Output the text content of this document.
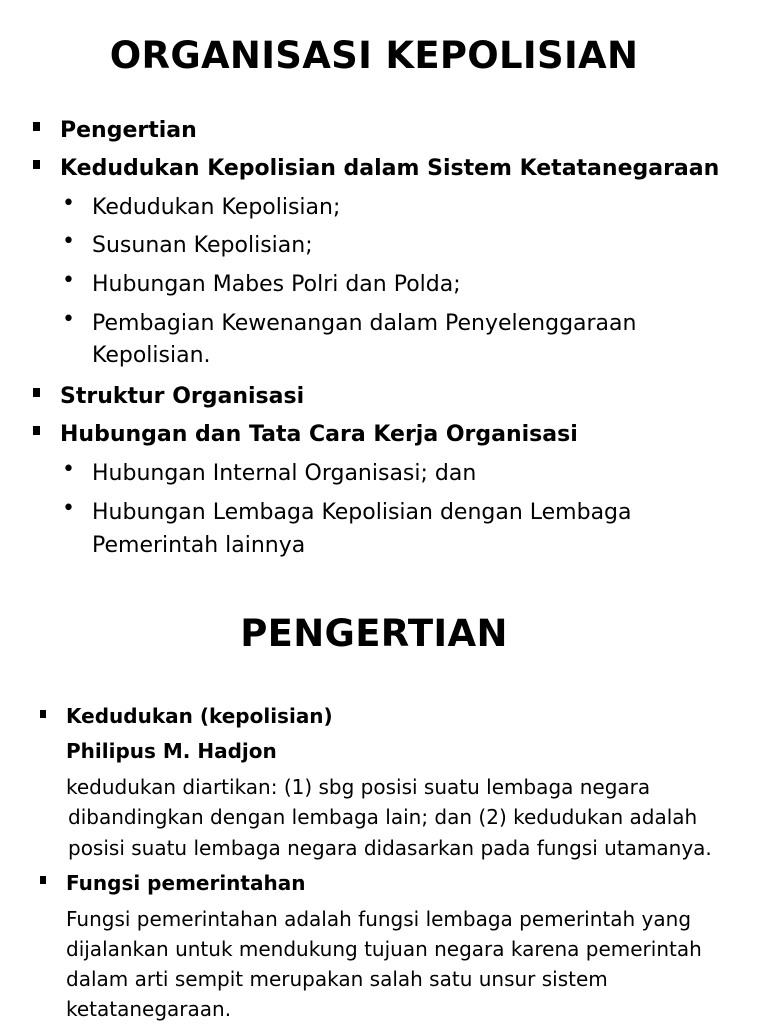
ORGANISASI KEPOLISIAN
Pengertian
Kedudukan Kepolisian dalam Sistem Ketatanegaraan
• Kedudukan Kepolisian;
• Susunan Kepolisian;
• Hubungan Mabes Polri dan Polda;
• Pembagian Kewenangan dalam Penyelenggaraan
Kepolisian.
Struktur Organisasi
Hubungan dan Tata Cara Kerja Organisasi
• Hubungan Internal Organisasi; dan
• Hubungan Lembaga Kepolisian dengan Lembaga
Pemerintah lainnya
PENGERTIAN
Kedudukan (kepolisian)
Philipus M. Hadjon
kedudukan diartikan: (1) sbg posisi suatu lembaga negara
dibandingkan dengan lembaga lain; dan (2) kedudukan adalah
posisi suatu lembaga negara didasarkan pada fungsi utamanya.
Fungsi pemerintahan
Fungsi pemerintahan adalah fungsi lembaga pemerintah yang
dijalankan untuk mendukung tujuan negara karena pemerintah
dalam arti sempit merupakan salah satu unsur sistem
ketatanegaraan.
